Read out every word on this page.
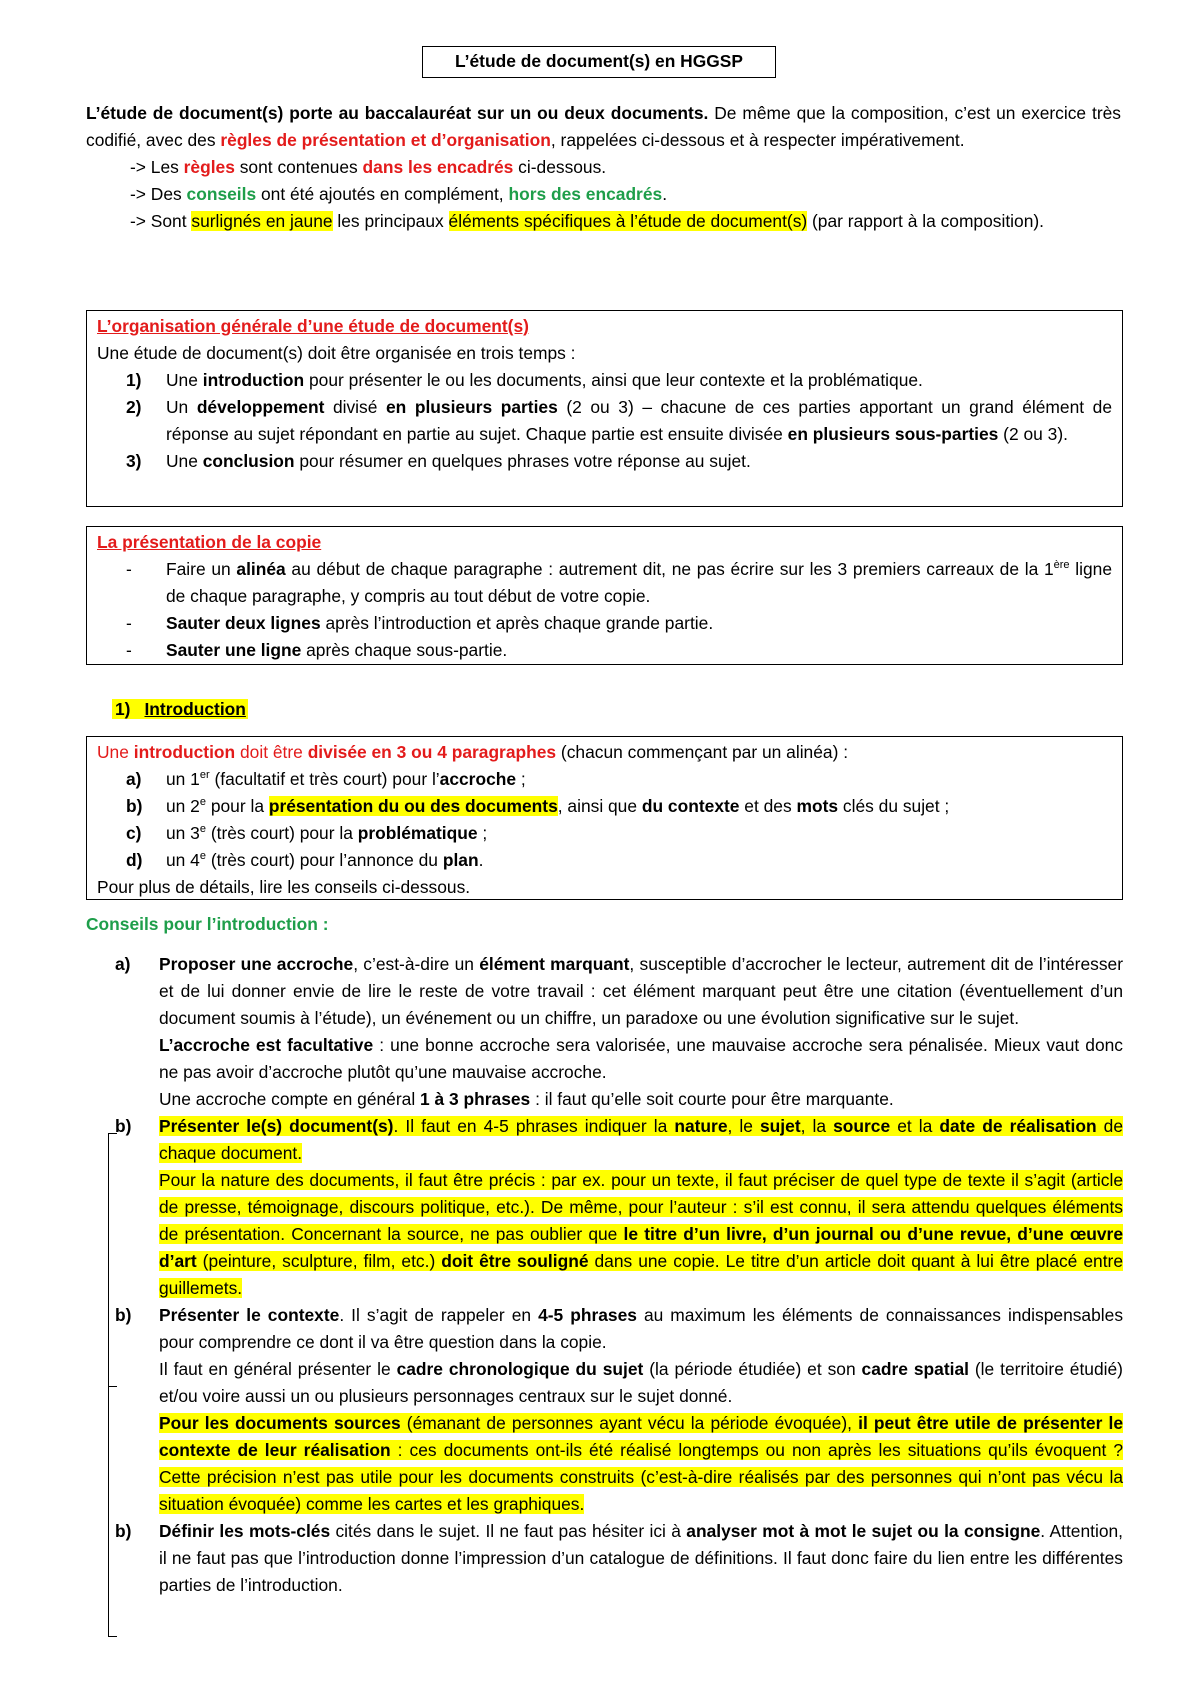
L’étude de document(s) en HGGSP

L’étude de document(s) porte au baccalauréat sur un ou deux documents. De même que la composition, c’est un exercice très codifié, avec des règles de présentation et d’organisation, rappelées ci-dessous et à respecter impérativement.

-> Les règles sont contenues dans les encadrés ci-dessous.

-> Des conseils ont été ajoutés en complément, hors des encadrés.

-> Sont surlignés en jaune les principaux éléments spécifiques à l’étude de document(s) (par rapport à la composition).

L’organisation générale d’une étude de document(s)
Une étude de document(s) doit être organisée en trois temps :
1)	Une introduction pour présenter le ou les documents, ainsi que leur contexte et la problématique.
2)	Un développement divisé en plusieurs parties (2 ou 3) – chacune de ces parties apportant un grand élément de réponse au sujet répondant en partie au sujet. Chaque partie est ensuite divisée en plusieurs sous-parties (2 ou 3).
3)	Une conclusion pour résumer en quelques phrases votre réponse au sujet.
La présentation de la copie
-	Faire un alinéa au début de chaque paragraphe : autrement dit, ne pas écrire sur les 3 premiers carreaux de la 1ère ligne de chaque paragraphe, y compris au tout début de votre copie.
-	Sauter deux lignes après l’introduction et après chaque grande partie.
-	Sauter une ligne après chaque sous-partie.
1) Introduction
Une introduction doit être divisée en 3 ou 4 paragraphes (chacun commençant par un alinéa) :
a)	un 1er (facultatif et très court) pour l’accroche ;
b)	un 2e pour la présentation du ou des documents, ainsi que du contexte et des mots clés du sujet ;
c)	un 3e (très court) pour la problématique ;
d)	un 4e (très court) pour l’annonce du plan.
Pour plus de détails, lire les conseils ci-dessous.
Conseils pour l’introduction :
a)	Proposer une accroche, c’est-à-dire un élément marquant, susceptible d’accrocher le lecteur, autrement dit de l’intéresser et de lui donner envie de lire le reste de votre travail : cet élément marquant peut être une citation (éventuellement d’un document soumis à l’étude), un événement ou un chiffre, un paradoxe ou une évolution significative sur le sujet.
L’accroche est facultative : une bonne accroche sera valorisée, une mauvaise accroche sera pénalisée. Mieux vaut donc ne pas avoir d’accroche plutôt qu’une mauvaise accroche.
Une accroche compte en général 1 à 3 phrases : il faut qu’elle soit courte pour être marquante.
b)	Présenter le(s) document(s). Il faut en 4-5 phrases indiquer la nature, le sujet, la source et la date de réalisation de chaque document.
Pour la nature des documents, il faut être précis : par ex. pour un texte, il faut préciser de quel type de texte il s’agit (article de presse, témoignage, discours politique, etc.). De même, pour l’auteur : s’il est connu, il sera attendu quelques éléments de présentation. Concernant la source, ne pas oublier que le titre d’un livre, d’un journal ou d’une revue, d’une œuvre d’art (peinture, sculpture, film, etc.) doit être souligné dans une copie. Le titre d’un article doit quant à lui être placé entre guillemets.
b)	Présenter le contexte. Il s’agit de rappeler en 4-5 phrases au maximum les éléments de connaissances indispensables pour comprendre ce dont il va être question dans la copie.
Il faut en général présenter le cadre chronologique du sujet (la période étudiée) et son cadre spatial (le territoire étudié) et/ou voire aussi un ou plusieurs personnages centraux sur le sujet donné.
Pour les documents sources (émanant de personnes ayant vécu la période évoquée), il peut être utile de présenter le contexte de leur réalisation : ces documents ont-ils été réalisé longtemps ou non après les situations qu’ils évoquent ? Cette précision n’est pas utile pour les documents construits (c’est-à-dire réalisés par des personnes qui n’ont pas vécu la situation évoquée) comme les cartes et les graphiques.
b)	Définir les mots-clés cités dans le sujet. Il ne faut pas hésiter ici à analyser mot à mot le sujet ou la consigne. Attention, il ne faut pas que l’introduction donne l’impression d’un catalogue de définitions. Il faut donc faire du lien entre les différentes parties de l’introduction.
